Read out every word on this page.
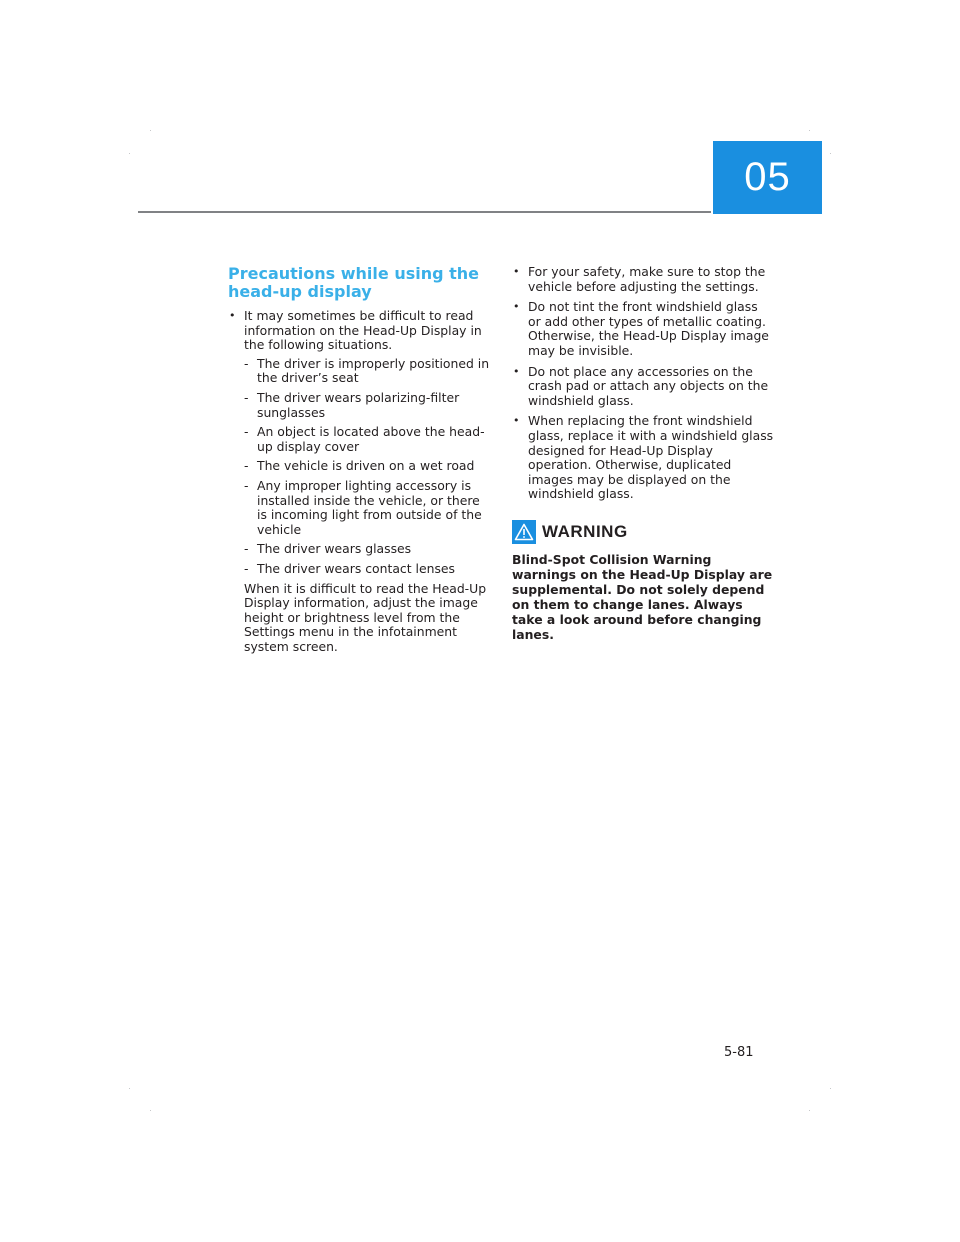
05
Precautions while using the head-up display
• It may sometimes be difficult to read information on the Head-Up Display in the following situations.
- The driver is improperly positioned in the driver’s seat
- The driver wears polarizing-filter sunglasses
- An object is located above the head-up display cover
- The vehicle is driven on a wet road
- Any improper lighting accessory is installed inside the vehicle, or there is incoming light from outside of the vehicle
- The driver wears glasses
- The driver wears contact lenses

When it is difficult to read the Head-Up Display information, adjust the image height or brightness level from the Settings menu in the infotainment system screen.

• For your safety, make sure to stop the vehicle before adjusting the settings.
• Do not tint the front windshield glass or add other types of metallic coating. Otherwise, the Head-Up Display image may be invisible.
• Do not place any accessories on the crash pad or attach any objects on the windshield glass.
• When replacing the front windshield glass, replace it with a windshield glass designed for Head-Up Display operation. Otherwise, duplicated images may be displayed on the windshield glass.
WARNING

Blind-Spot Collision Warning warnings on the Head-Up Display are supplemental. Do not solely depend on them to change lanes. Always take a look around before changing lanes.

5-81
